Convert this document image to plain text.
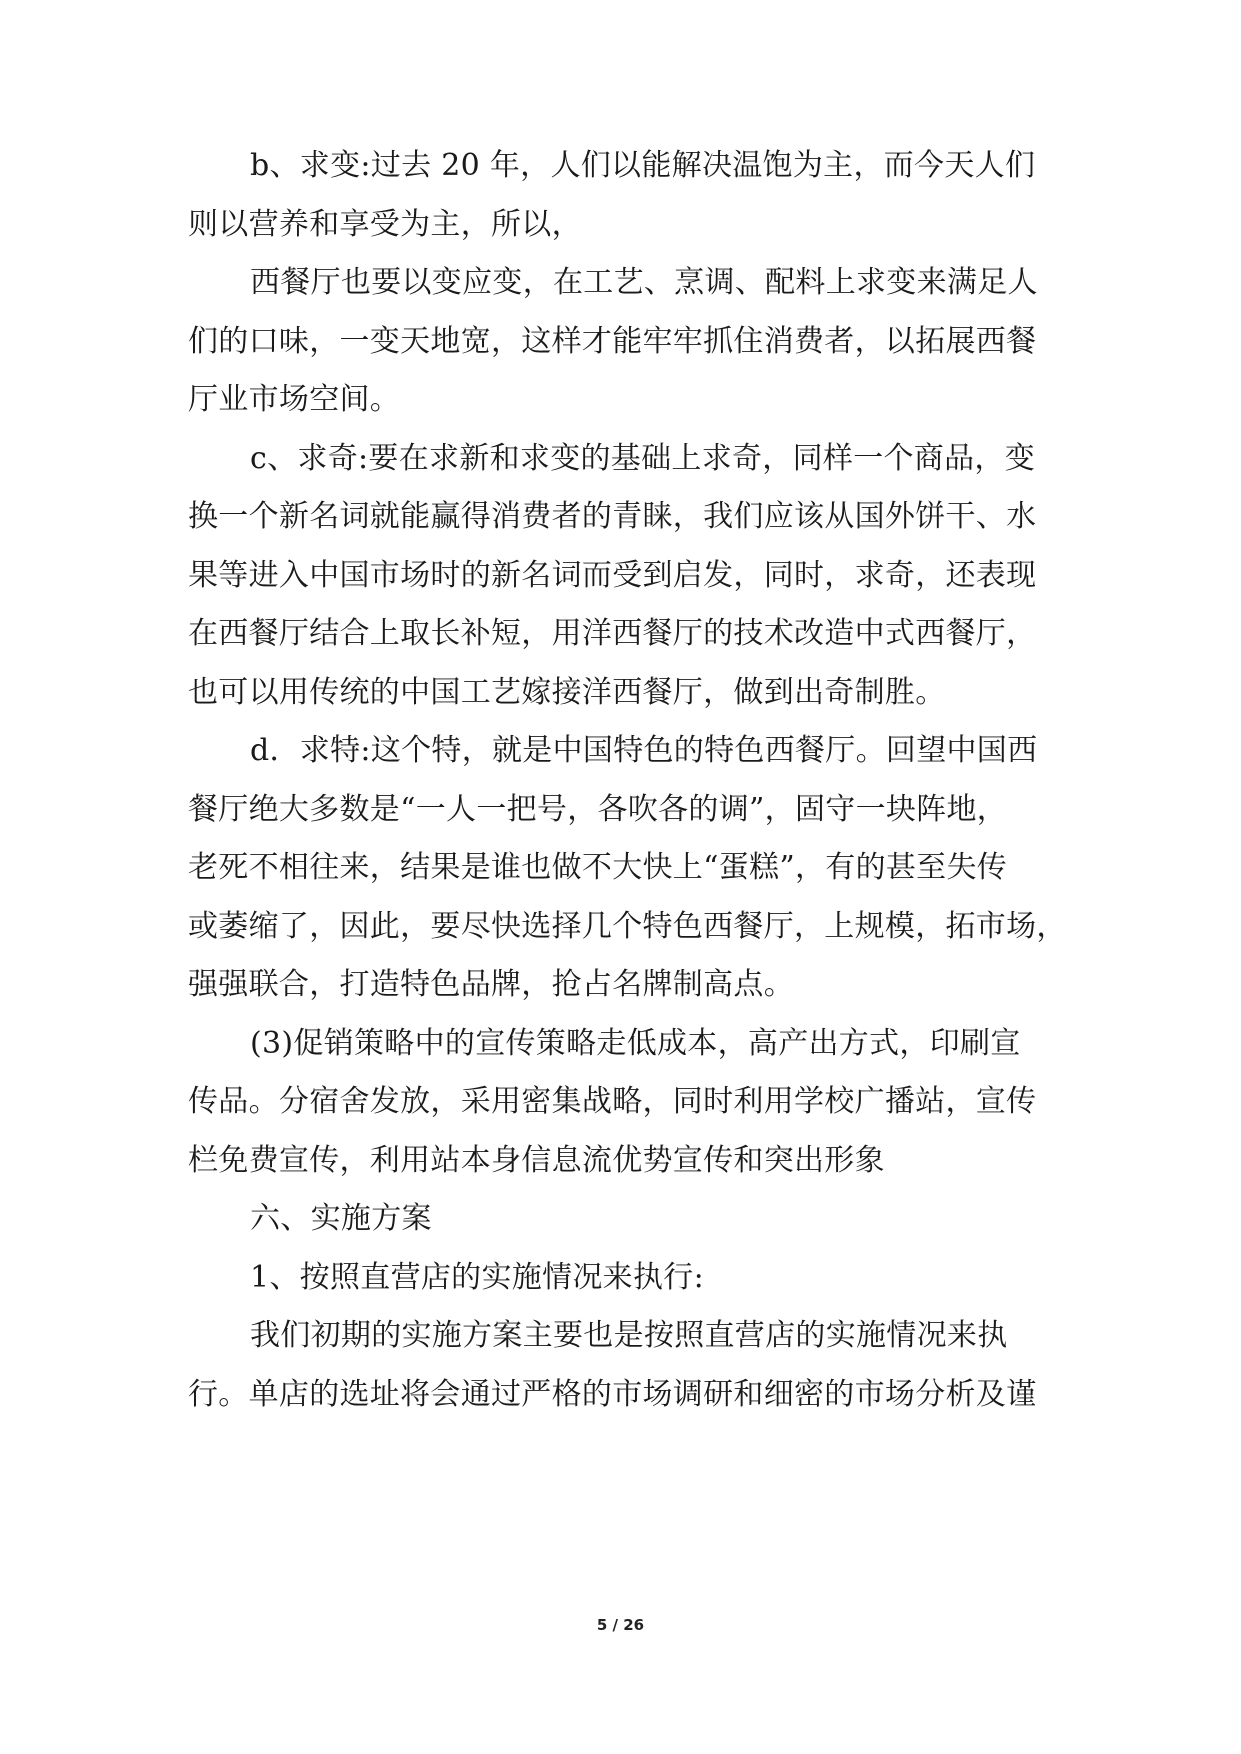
b、求变:过去 20 年，人们以能解决温饱为主，而今天人们
则以营养和享受为主，所以，
西餐厅也要以变应变，在工艺、烹调、配料上求变来满足人
们的口味，一变天地宽，这样才能牢牢抓住消费者，以拓展西餐
厅业市场空间。
c、求奇:要在求新和求变的基础上求奇，同样一个商品，变
换一个新名词就能赢得消费者的青睐，我们应该从国外饼干、水
果等进入中国市场时的新名词而受到启发，同时，求奇，还表现
在西餐厅结合上取长补短，用洋西餐厅的技术改造中式西餐厅，
也可以用传统的中国工艺嫁接洋西餐厅，做到出奇制胜。
d．求特:这个特，就是中国特色的特色西餐厅。回望中国西
餐厅绝大多数是“一人一把号，各吹各的调”，固守一块阵地，
老死不相往来，结果是谁也做不大快上“蛋糕”，有的甚至失传
或萎缩了，因此，要尽快选择几个特色西餐厅，上规模，拓市场，
强强联合，打造特色品牌，抢占名牌制高点。
(3)促销策略中的宣传策略走低成本，高产出方式，印刷宣
传品。分宿舍发放，采用密集战略，同时利用学校广播站，宣传
栏免费宣传，利用站本身信息流优势宣传和突出形象
六、实施方案
1、按照直营店的实施情况来执行:
我们初期的实施方案主要也是按照直营店的实施情况来执
行。单店的选址将会通过严格的市场调研和细密的市场分析及谨
5 / 26
